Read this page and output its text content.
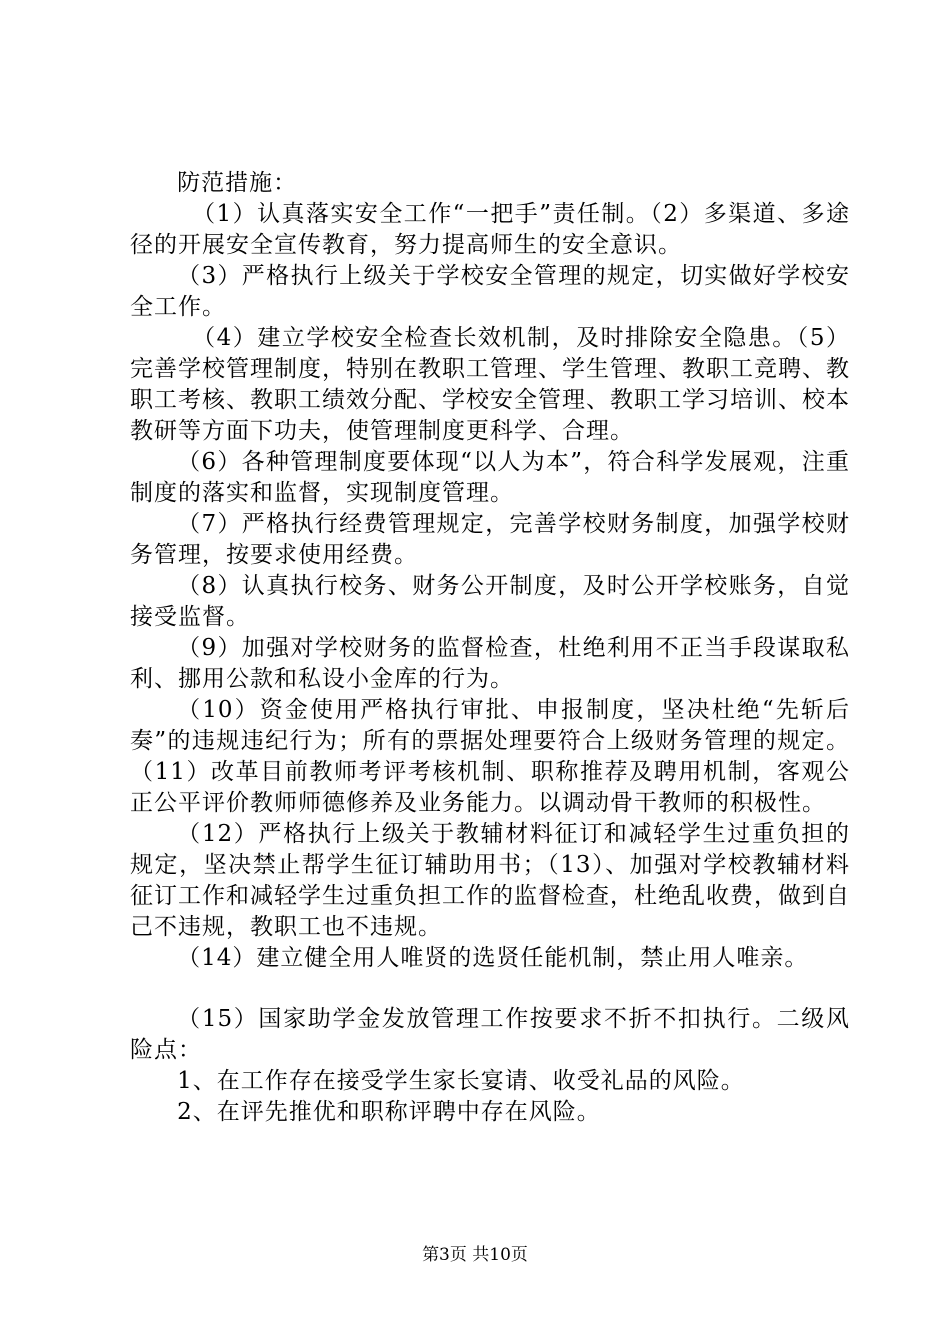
防范措施：

（1）认真落实安全工作“一把手”责任制。（2）多渠道、多途径的开展安全宣传教育，努力提高师生的安全意识。

（3）严格执行上级关于学校安全管理的规定，切实做好学校安全工作。

（4）建立学校安全检查长效机制，及时排除安全隐患。（5）完善学校管理制度，特别在教职工管理、学生管理、教职工竞聘、教职工考核、教职工绩效分配、学校安全管理、教职工学习培训、校本教研等方面下功夫，使管理制度更科学、合理。

（6）各种管理制度要体现“以人为本”，符合科学发展观，注重制度的落实和监督，实现制度管理。

（7）严格执行经费管理规定，完善学校财务制度，加强学校财务管理，按要求使用经费。

（8）认真执行校务、财务公开制度，及时公开学校账务，自觉接受监督。

（9）加强对学校财务的监督检查，杜绝利用不正当手段谋取私利、挪用公款和私设小金库的行为。

（10）资金使用严格执行审批、申报制度，坚决杜绝“先斩后奏”的违规违纪行为；所有的票据处理要符合上级财务管理的规定。（11）改革目前教师考评考核机制、职称推荐及聘用机制，客观公正公平评价教师师德修养及业务能力。以调动骨干教师的积极性。

（12）严格执行上级关于教辅材料征订和减轻学生过重负担的规定，坚决禁止帮学生征订辅助用书；（13）、加强对学校教辅材料征订工作和减轻学生过重负担工作的监督检查，杜绝乱收费，做到自己不违规，教职工也不违规。

（14）建立健全用人唯贤的选贤任能机制，禁止用人唯亲。

（15）国家助学金发放管理工作按要求不折不扣执行。二级风险点：

1、在工作存在接受学生家长宴请、收受礼品的风险。

2、在评先推优和职称评聘中存在风险。

第3页 共10页
